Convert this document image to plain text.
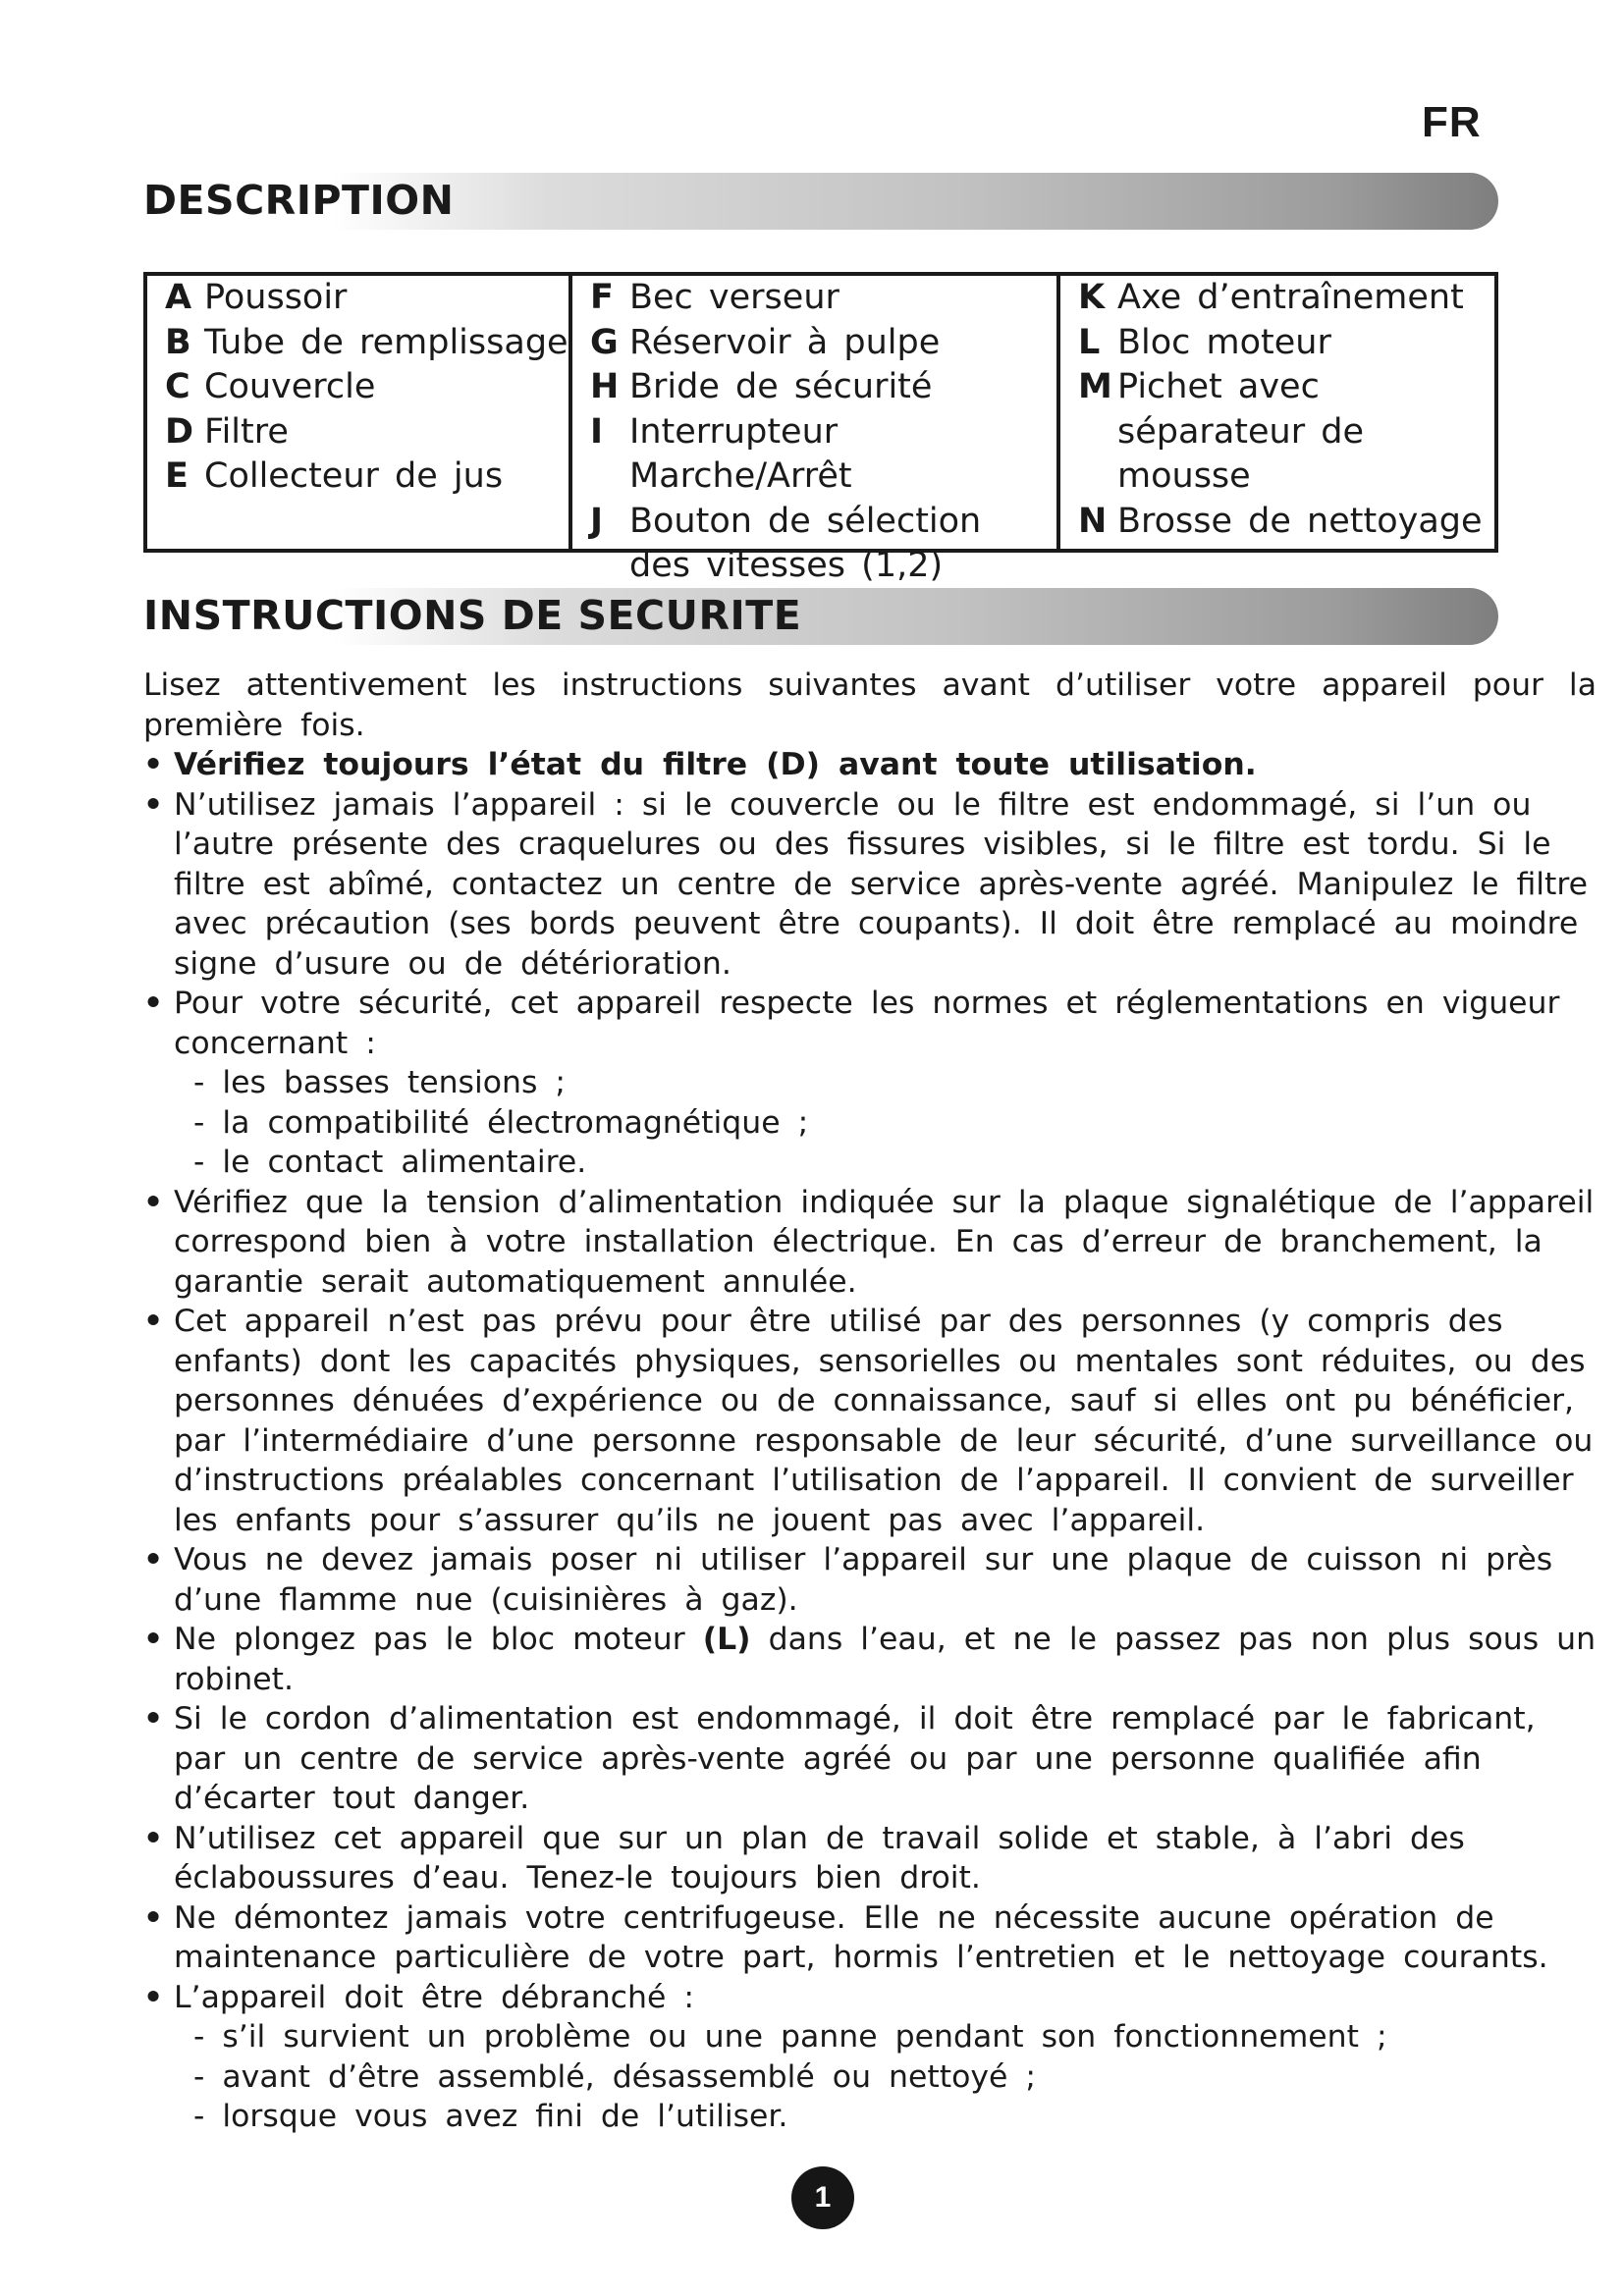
FR
DESCRIPTION
A Poussoir
B Tube de remplissage
C Couvercle
D Filtre
E Collecteur de jus
F Bec verseur
G Réservoir à pulpe
H Bride de sécurité
I Interrupteur Marche/Arrêt
J Bouton de sélection des vitesses (1,2)
K Axe d’entraînement
L Bloc moteur
M Pichet avec séparateur de mousse
N Brosse de nettoyage
INSTRUCTIONS DE SECURITE

Lisez attentivement les instructions suivantes avant d’utiliser votre appareil pour la première fois.

• Vérifiez toujours l’état du filtre (D) avant toute utilisation.
• N’utilisez jamais l’appareil : si le couvercle ou le filtre est endommagé, si l’un ou l’autre présente des craquelures ou des fissures visibles, si le filtre est tordu. Si le filtre est abîmé, contactez un centre de service après-vente agréé. Manipulez le filtre avec précaution (ses bords peuvent être coupants). Il doit être remplacé au moindre signe d’usure ou de détérioration.
• Pour votre sécurité, cet appareil respecte les normes et réglementations en vigueur concernant :
- les basses tensions ;
- la compatibilité électromagnétique ;
- le contact alimentaire.
• Vérifiez que la tension d’alimentation indiquée sur la plaque signalétique de l’appareil correspond bien à votre installation électrique. En cas d’erreur de branchement, la garantie serait automatiquement annulée.
• Cet appareil n’est pas prévu pour être utilisé par des personnes (y compris des enfants) dont les capacités physiques, sensorielles ou mentales sont réduites, ou des personnes dénuées d’expérience ou de connaissance, sauf si elles ont pu bénéficier, par l’intermédiaire d’une personne responsable de leur sécurité, d’une surveillance ou d’instructions préalables concernant l’utilisation de l’appareil. Il convient de surveiller les enfants pour s’assurer qu’ils ne jouent pas avec l’appareil.
• Vous ne devez jamais poser ni utiliser l’appareil sur une plaque de cuisson ni près d’une flamme nue (cuisinières à gaz).
• Ne plongez pas le bloc moteur (L) dans l’eau, et ne le passez pas non plus sous un robinet.
• Si le cordon d’alimentation est endommagé, il doit être remplacé par le fabricant, par un centre de service après-vente agréé ou par une personne qualifiée afin d’écarter tout danger.
• N’utilisez cet appareil que sur un plan de travail solide et stable, à l’abri des éclaboussures d’eau. Tenez-le toujours bien droit.
• Ne démontez jamais votre centrifugeuse. Elle ne nécessite aucune opération de maintenance particulière de votre part, hormis l’entretien et le nettoyage courants.
• L’appareil doit être débranché :
- s’il survient un problème ou une panne pendant son fonctionnement ;
- avant d’être assemblé, désassemblé ou nettoyé ;
- lorsque vous avez fini de l’utiliser.
1
